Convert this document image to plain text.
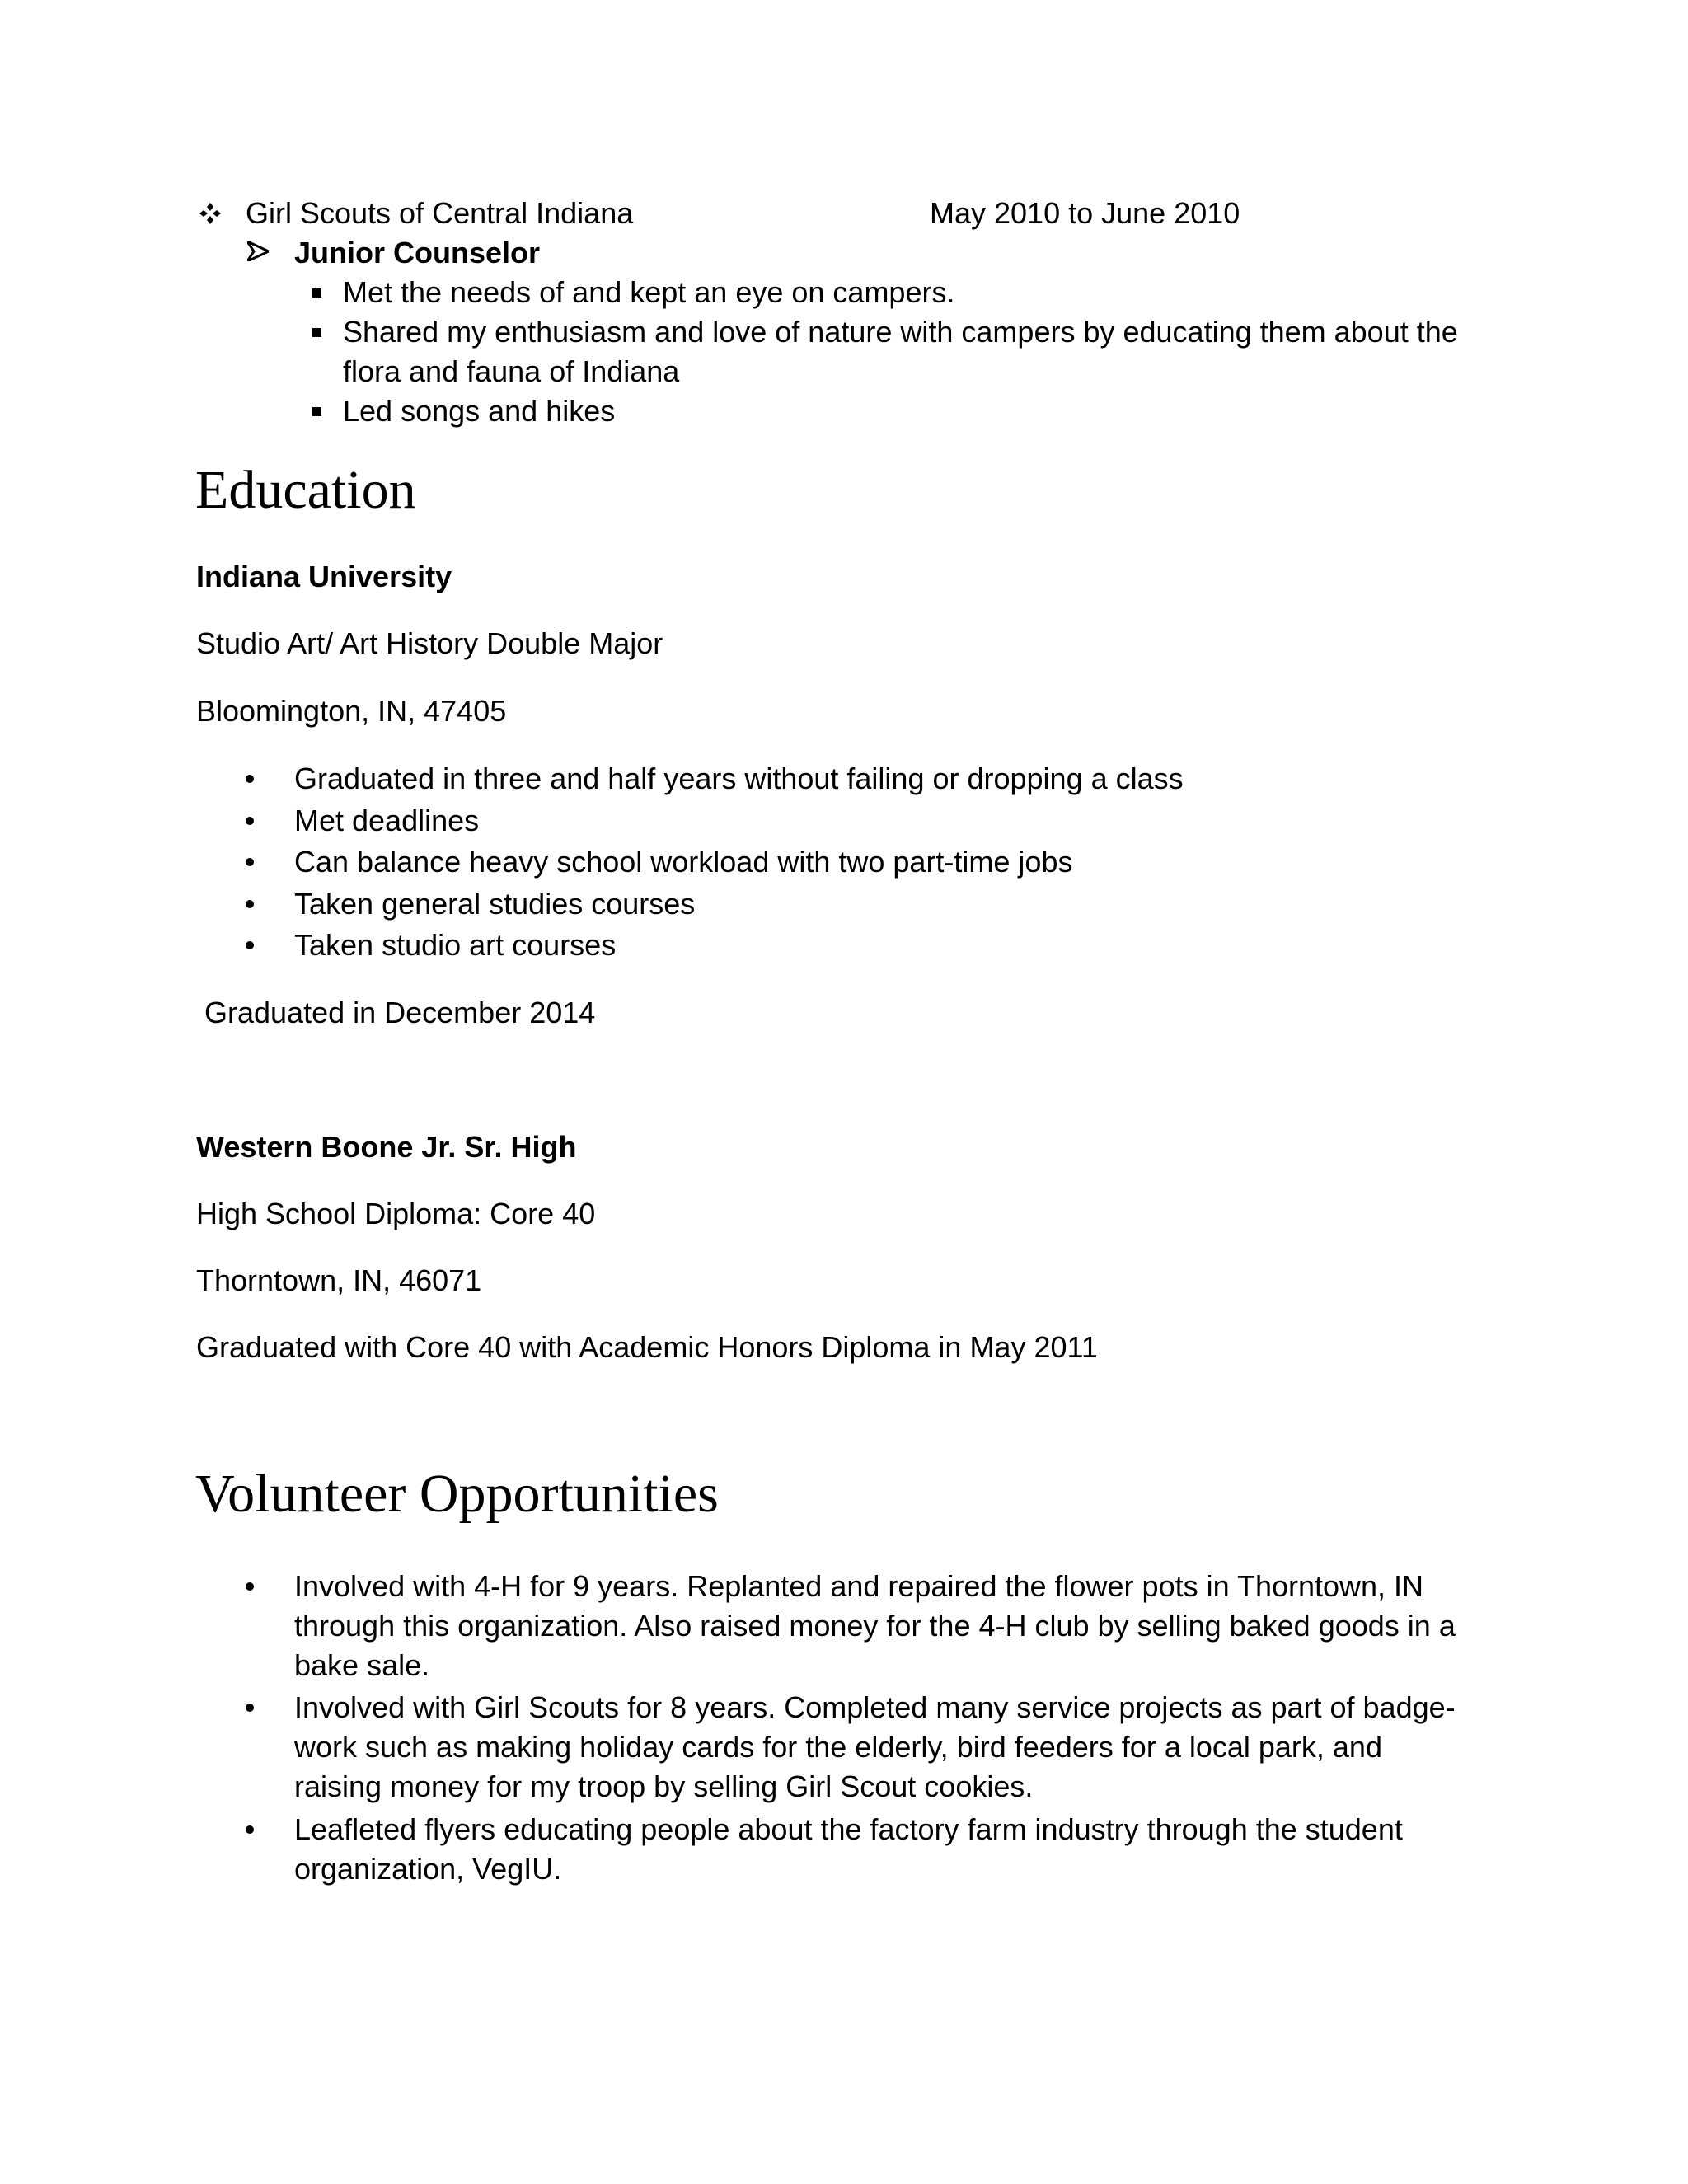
Girl Scouts of Central Indiana	May 2010 to June 2010
Junior Counselor
Met the needs of and kept an eye on campers.
Shared my enthusiasm and love of nature with campers by educating them about the
flora and fauna of Indiana
Led songs and hikes
Education
Indiana University
Studio Art/ Art History Double Major
Bloomington, IN, 47405
Graduated in three and half years without failing or dropping a class
Met deadlines
Can balance heavy school workload with two part-time jobs
Taken general studies courses
Taken studio art courses
Graduated in December 2014
Western Boone Jr. Sr. High
High School Diploma: Core 40
Thorntown, IN, 46071
Graduated with Core 40 with Academic Honors Diploma in May 2011
Volunteer Opportunities
Involved with 4-H for 9 years. Replanted and repaired the flower pots in Thorntown, IN
through this organization. Also raised money for the 4-H club by selling baked goods in a
bake sale.
Involved with Girl Scouts for 8 years. Completed many service projects as part of badge-
work such as making holiday cards for the elderly, bird feeders for a local park, and
raising money for my troop by selling Girl Scout cookies.
Leafleted flyers educating people about the factory farm industry through the student
organization, VegIU.
